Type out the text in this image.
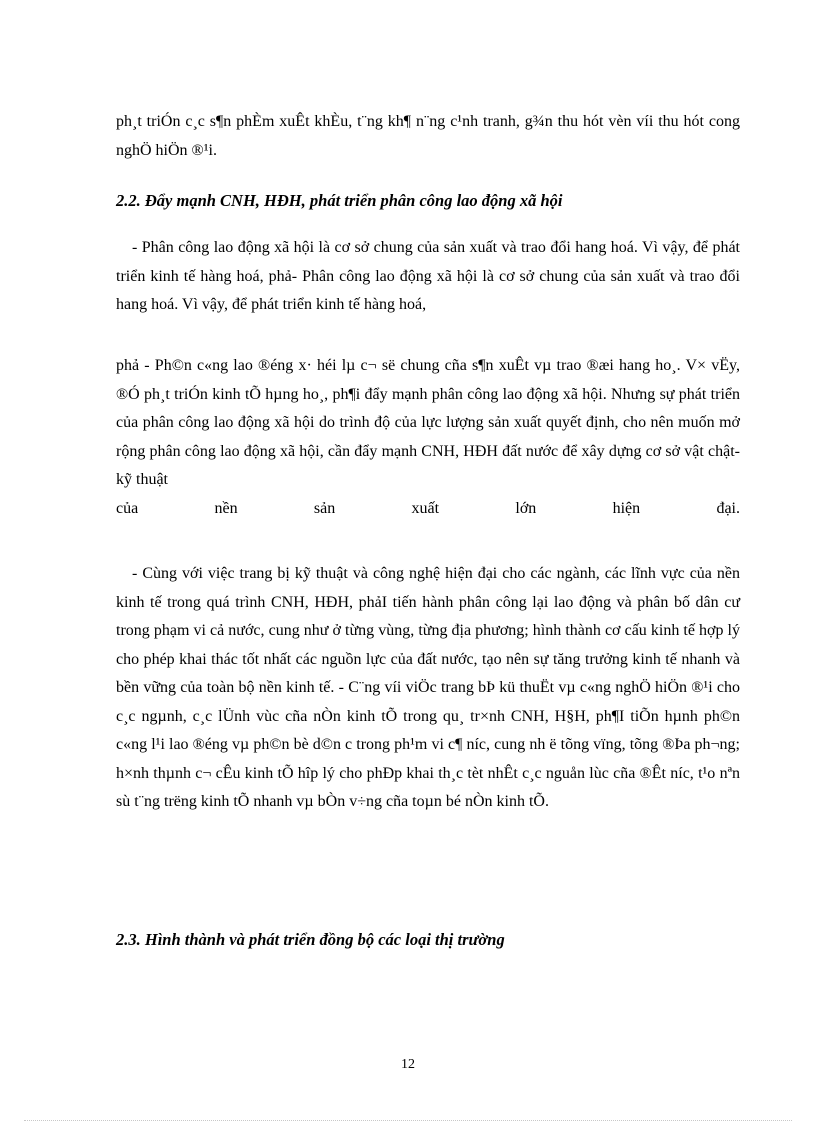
ph¸t triÓn c¸c s¶n phÈm xuÊt khÈu, t¨ng kh¶ n¨ng c¹nh tranh, g¾n thu hót vèn víi thu hót cong nghÖ hiÖn ®¹i.

2.2. Đẩy mạnh CNH, HĐH, phát triển phân công lao động xã hội

- Phân công lao động xã hội là cơ sở chung của sản xuất và trao đổi hang hoá. Vì vậy, để phát triển kinh tế hàng hoá, phả- Phân công lao động xã hội là cơ sở chung của sản xuất và trao đổi hang hoá. Vì vậy, để phát triển kinh tế hàng hoá,

phả - Ph©n c«ng lao ®éng x· héi lµ c¬ së chung cña s¶n xuÊt vµ trao ®æi hang ho¸. V× vËy, ®Ó ph¸t triÓn kinh tÕ hµng ho¸, ph¶i đẩy mạnh phân công lao động xã hội. Nhưng sự phát triển của phân công lao động xã hội do trình độ của lực lượng sản xuất quyết định, cho nên muốn mở rộng phân công lao động xã hội, cần đẩy mạnh CNH, HĐH đất nước để xây dựng cơ sở vật chật- kỹ thuật

của nền sản xuất lớn hiện đại.

- Cùng với việc trang bị kỹ thuật và công nghệ hiện đại cho các ngành, các lĩnh vực của nền kinh tế trong quá trình CNH, HĐH, phảI tiến hành phân công lại lao động và phân bố dân cư trong phạm vi cả nước, cung như ở từng vùng, từng địa phương; hình thành cơ cấu kinh tế hợp lý cho phép khai thác tốt nhất các nguồn lực của đất nước, tạo nên sự tăng trưởng kinh tế nhanh và bền vững của toàn bộ nền kinh tế. - C¨ng víi viÖc trang bÞ kü thuËt vµ c«ng nghÖ hiÖn ®¹i cho c¸c ngµnh, c¸c lÜnh vùc cña nÒn kinh tÕ trong qu¸ tr×nh CNH, H§H, ph¶I tiÕn hµnh ph©n c«ng l¹i lao ®éng vµ ph©n bè d©n c trong ph¹m vi c¶ níc, cung nh ë tõng vïng, tõng ®Þa ph¬ng; h×nh thµnh c¬ cÊu kinh tÕ hîp lý cho phÐp khai th¸c tèt nhÊt c¸c nguån lùc cña ®Êt níc, t¹o nªn sù t¨ng trëng kinh tÕ nhanh vµ bÒn v÷ng cña toµn bé nÒn kinh tÕ.

2.3. Hình thành và phát triển đồng bộ các loại thị trường

12
